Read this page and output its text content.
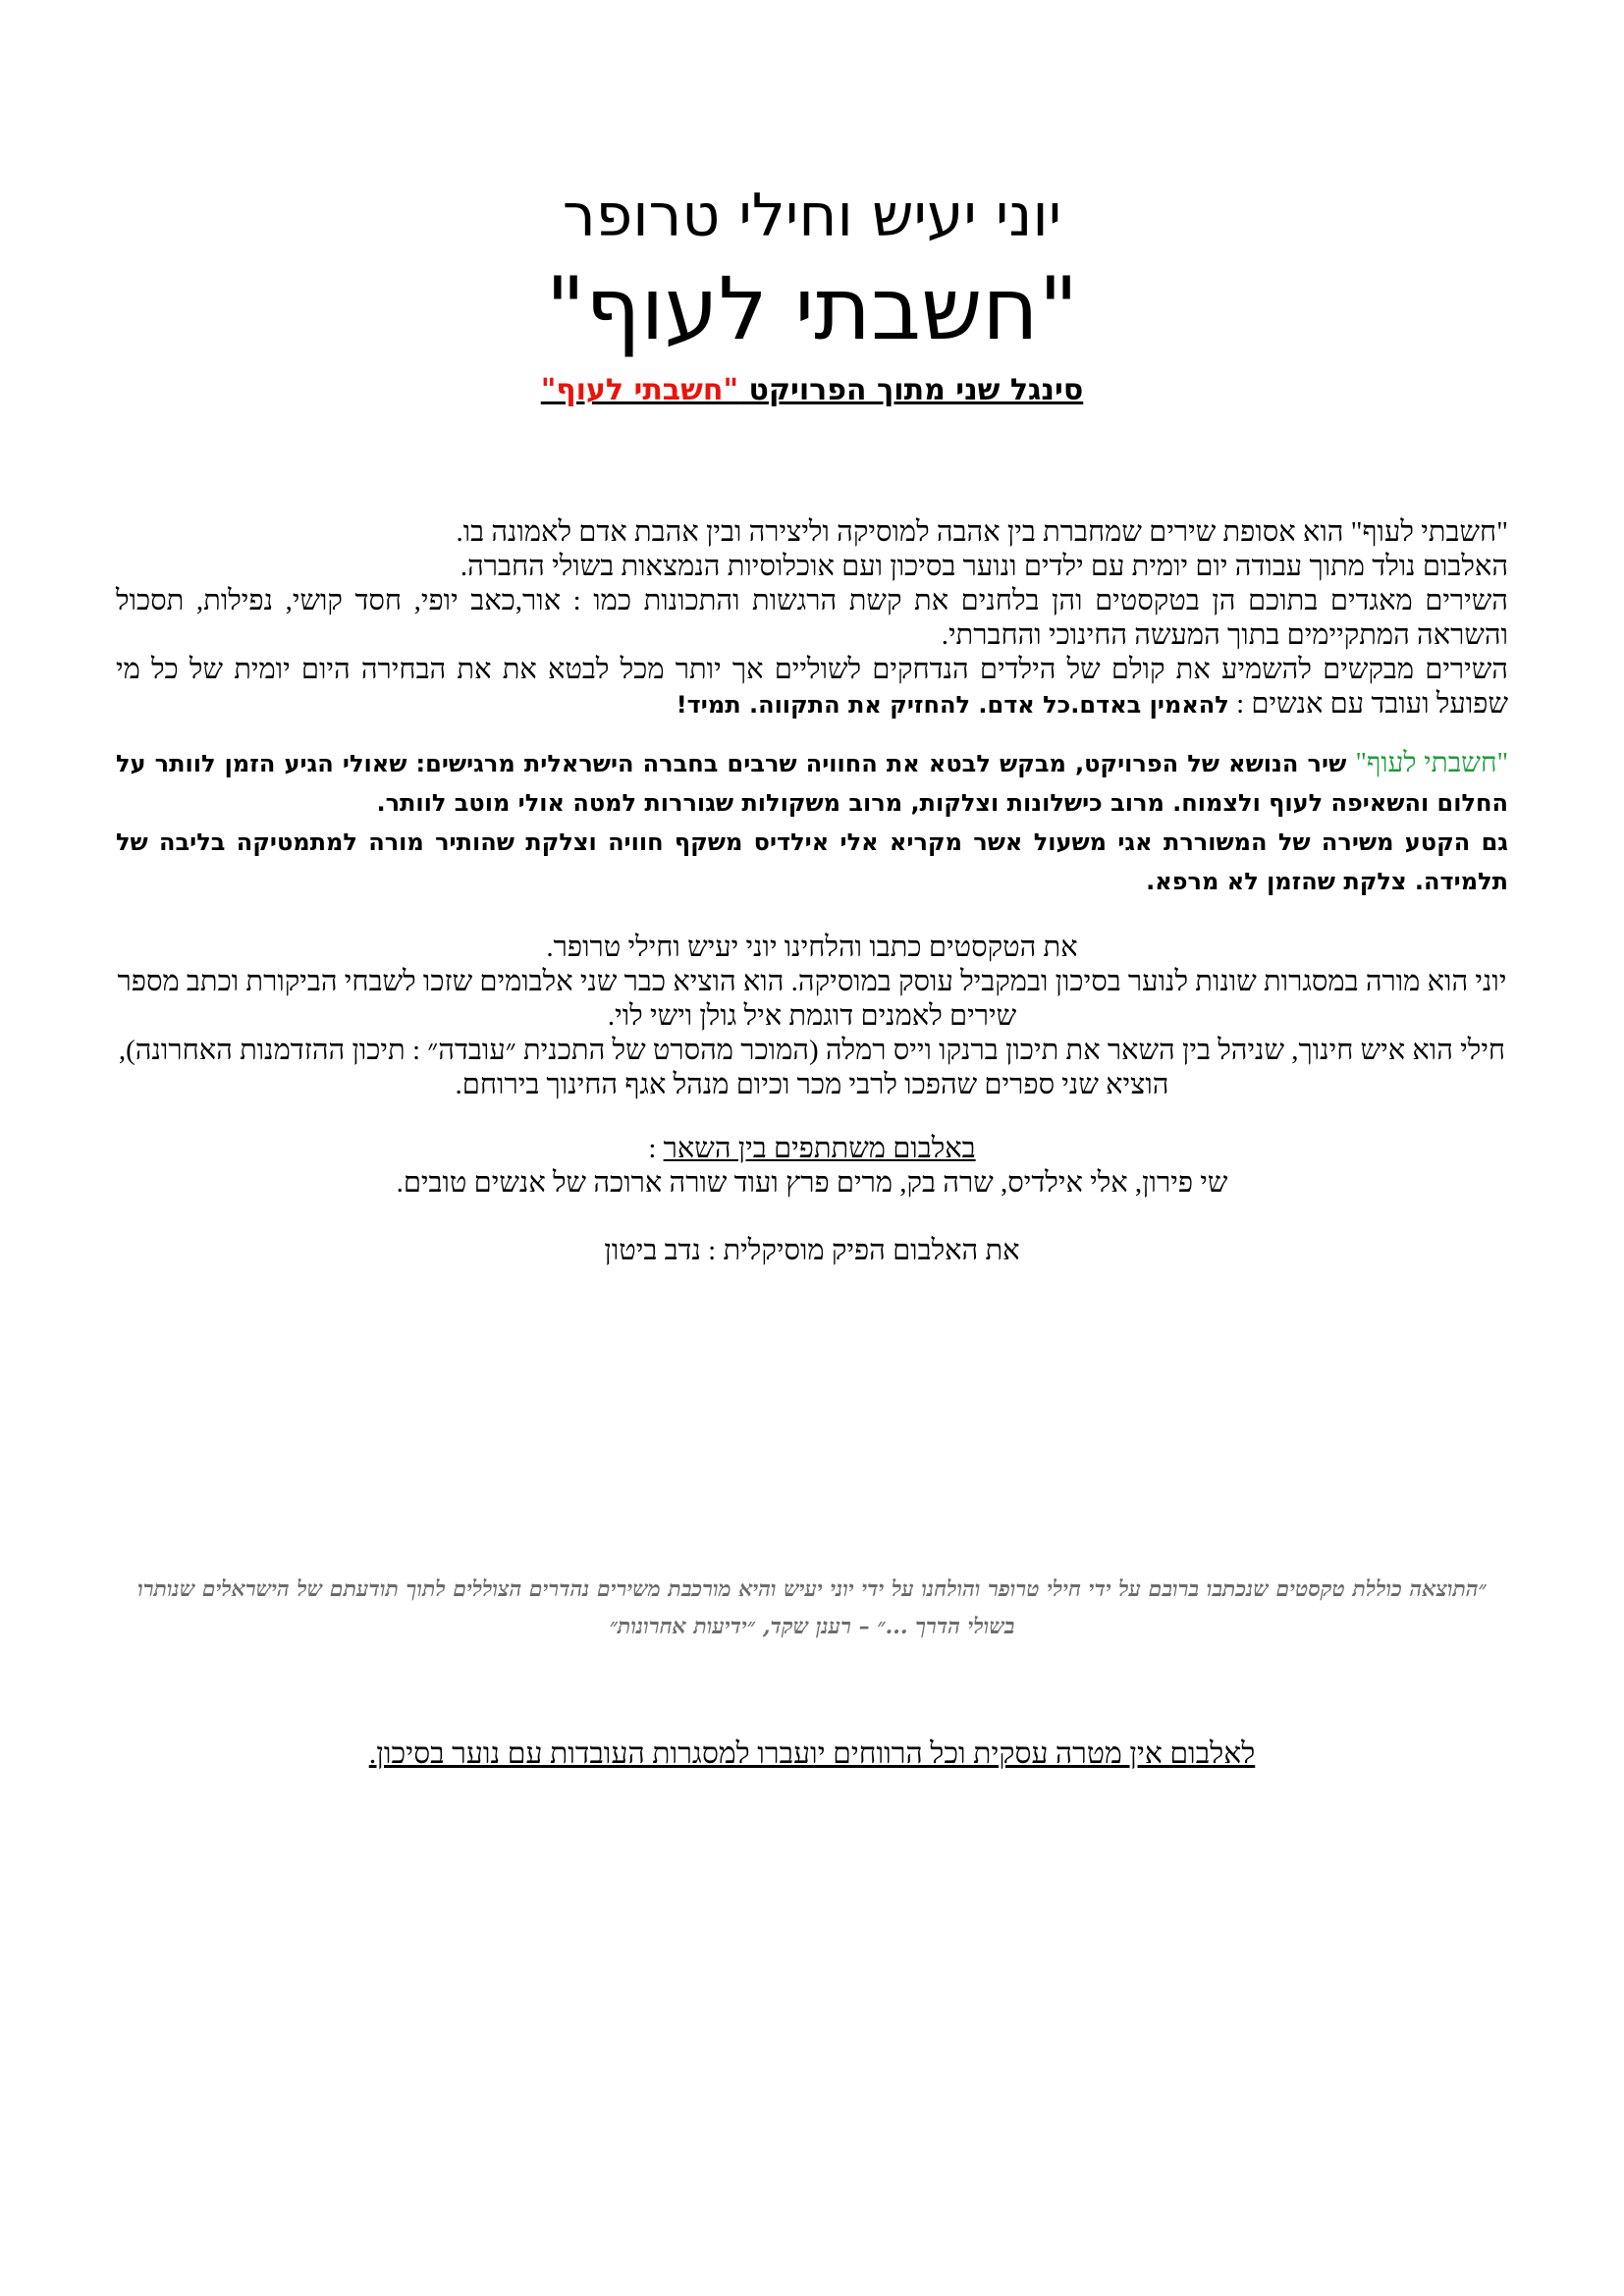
יוני יעיש וחילי טרופר
"חשבתי לעוף"
סינגל שני מתוך הפרויקט "חשבתי לעוף"

"חשבתי לעוף" הוא אסופת שירים שמחברת בין אהבה למוסיקה וליצירה ובין אהבת אדם לאמונה בו.

האלבום נולד מתוך עבודה יום יומית עם ילדים ונוער בסיכון ועם אוכלוסיות הנמצאות בשולי החברה.

השירים מאגדים בתוכם הן בטקסטים והן בלחנים את קשת הרגשות והתכונות כמו : אור,כאב יופי, חסד קושי, נפילות, תסכול והשראה המתקיימים בתוך המעשה החינוכי והחברתי.

השירים מבקשים להשמיע את קולם של הילדים הנדחקים לשוליים אך יותר מכל לבטא את את הבחירה היום יומית של כל מי שפועל ועובד עם אנשים : להאמין באדם.כל אדם. להחזיק את התקווה. תמיד!

"חשבתי לעוף" שיר הנושא של הפרויקט, מבקש לבטא את החוויה שרבים בחברה הישראלית מרגישים: שאולי הגיע הזמן לוותר על החלום והשאיפה לעוף ולצמוח. מרוב כישלונות וצלקות, מרוב משקולות שגוררות למטה אולי מוטב לוותר.
גם הקטע משירה של המשוררת אגי משעול אשר מקריא אלי אילדיס משקף חוויה וצלקת שהותיר מורה למתמטיקה בליבה של תלמידה. צלקת שהזמן לא מרפא.

את הטקסטים כתבו והלחינו יוני יעיש וחילי טרופר.

יוני הוא מורה במסגרות שונות לנוער בסיכון ובמקביל עוסק במוסיקה. הוא הוציא כבר שני אלבומים שזכו לשבחי הביקורת וכתב מספר שירים לאמנים דוגמת איל גולן וישי לוי.

חילי הוא איש חינוך, שניהל בין השאר את תיכון ברנקו וייס רמלה (המוכר מהסרט של התכנית ״עובדה״ : תיכון ההזדמנות האחרונה), הוציא שני ספרים שהפכו לרבי מכר וכיום מנהל אגף החינוך בירוחם.

באלבום משתתפים בין השאר :

שי פירון, אלי אילדיס, שרה בק, מרים פרץ ועוד שורה ארוכה של אנשים טובים.

את האלבום הפיק מוסיקלית : נדב ביטון

״התוצאה כוללת טקסטים שנכתבו ברובם על ידי חילי טרופר והולחנו על ידי יוני יעיש והיא מורכבת משירים נהדרים הצוללים לתוך תודעתם של הישראלים שנותרו בשולי הדרך ...״ – רענן שקד, ״ידיעות אחרונות״
לאלבום אין מטרה עסקית וכל הרווחים יועברו למסגרות העובדות עם נוער בסיכון.
